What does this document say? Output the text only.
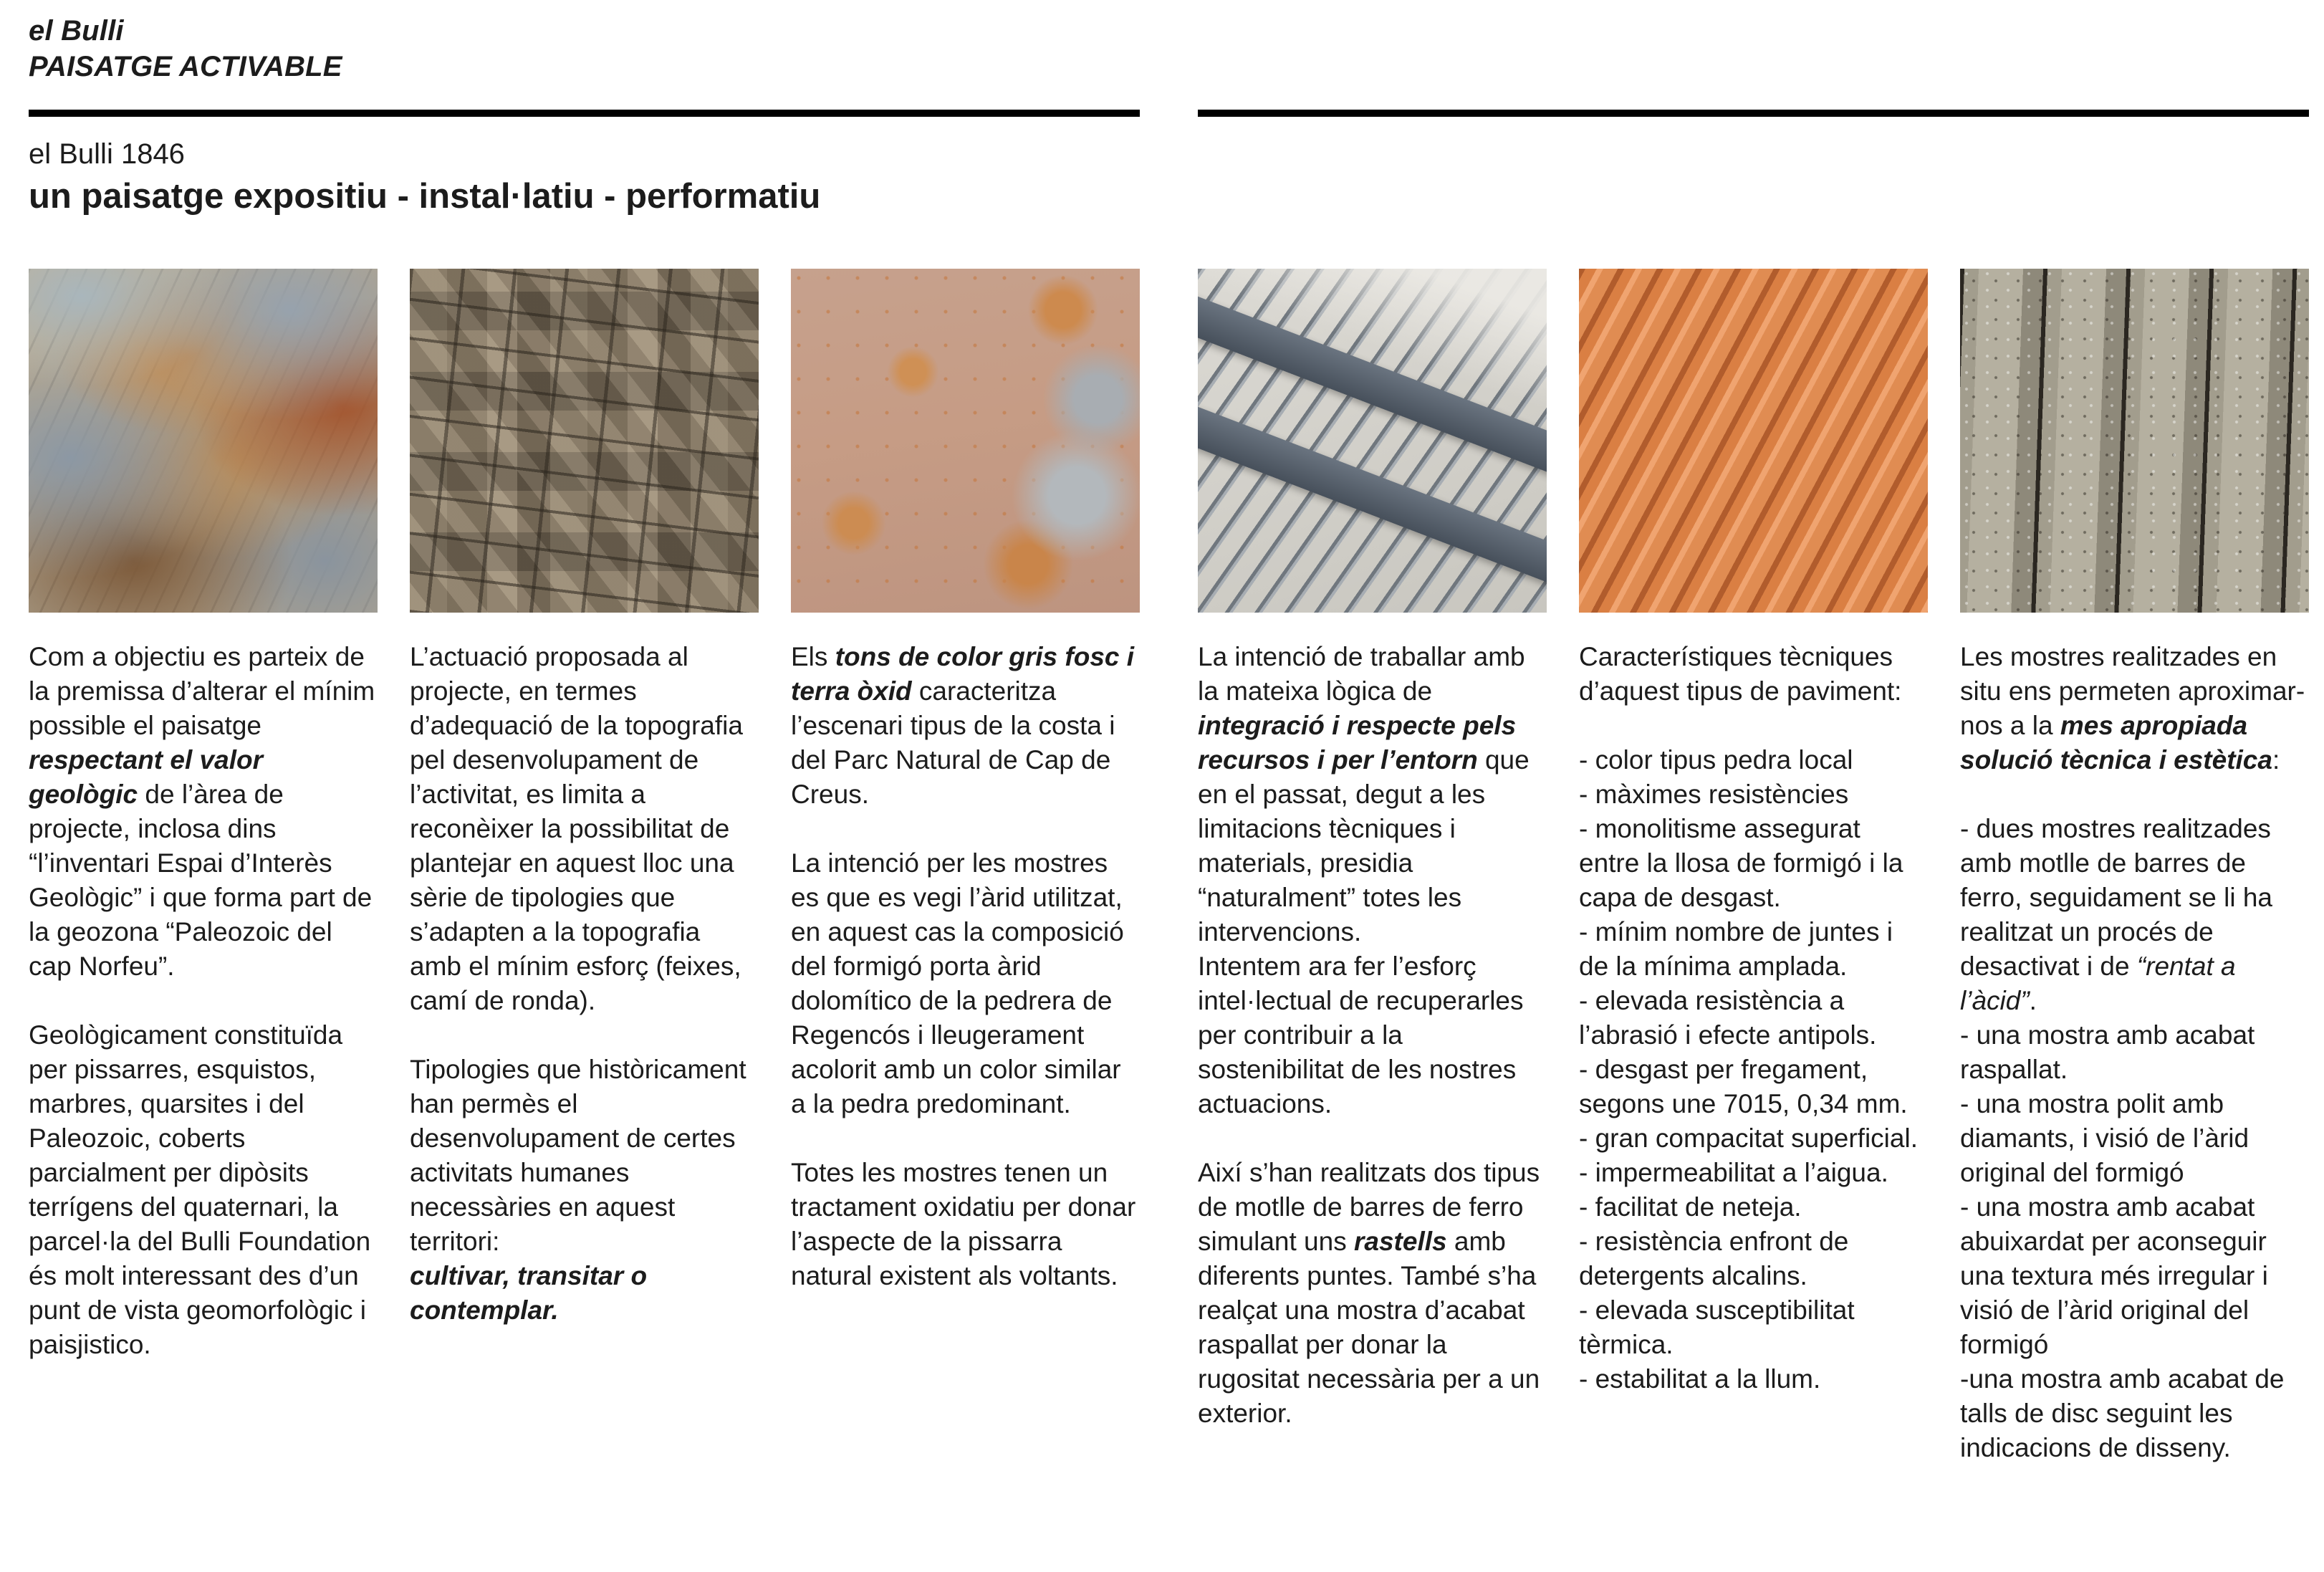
el Bulli
PAISATGE ACTIVABLE
el Bulli 1846
un paisatge expositiu - instal·latiu - performatiu

Com a objectiu es parteix de la premissa d’alterar el mínim possible el paisatge respectant el valor geològic de l’àrea de projecte, inclosa dins “l’inventari Espai d’Interès Geològic” i que forma part de la geozona “Paleozoic del cap Norfeu”.

Geològicament constituïda per pissarres, esquistos, marbres, quarsites i del Paleozoic, coberts parcialment per dipòsits terrígens del quaternari, la parcel·la del Bulli Foundation és molt interessant des d’un punt de vista geomorfològic i paisjistico.

L’actuació proposada al projecte, en termes d’adequació de la topografia pel desenvolupament de l’activitat, es limita a reconèixer la possibilitat de plantejar en aquest lloc una sèrie de tipologies que s’adapten a la topografia amb el mínim esforç (feixes, camí de ronda).

Tipologies que històricament han permès el desenvolupament de certes activitats humanes necessàries en aquest territori:
cultivar, transitar o contemplar.

Els tons de color gris fosc i terra òxid caracteritza l’escenari tipus de la costa i del Parc Natural de Cap de Creus.

La intenció per les mostres es que es vegi l’àrid utilitzat, en aquest cas la composició del formigó porta àrid dolomítico de la pedrera de Regencós i lleugerament acolorit amb un color similar a la pedra predominant.

Totes les mostres tenen un tractament oxidatiu per donar l’aspecte de la pissarra natural existent als voltants.

La intenció de traballar amb la mateixa lògica de integració i respecte pels recursos i per l’entorn que en el passat, degut a les limitacions tècniques i materials, presidia “naturalment” totes les intervencions.
Intentem ara fer l’esforç intel·lectual de recuperarles per contribuir a la sostenibilitat de les nostres actuacions.

Així s’han realitzats dos tipus de motlle de barres de ferro simulant uns rastells amb diferents puntes. També s’ha realçat una mostra d’acabat raspallat per donar la rugositat necessària per a un exterior.

Característiques tècniques d’aquest tipus de paviment:

- color tipus pedra local

- màximes resistències

- monolitisme assegurat entre la llosa de formigó i la capa de desgast.

- mínim nombre de juntes i de la mínima amplada.

- elevada resistència a l’abrasió i efecte antipols.

- desgast per fregament, segons une 7015, 0,34 mm.

- gran compacitat superficial.

- impermeabilitat a l’aigua.

- facilitat de neteja.

- resistència enfront de detergents alcalins.

- elevada susceptibilitat tèrmica.

- estabilitat a la llum.

Les mostres realitzades en situ ens permeten aproximar-nos a la mes apropiada solució tècnica i estètica:

- dues mostres realitzades amb motlle de barres de ferro, seguidament se li ha realitzat un procés de desactivat i de “rentat a l’àcid”.

- una mostra amb acabat raspallat.

- una mostra polit amb diamants, i visió de l’àrid original del formigó

- una mostra amb acabat abuixardat per aconseguir una textura més irregular i visió de l’àrid original del formigó

-una mostra amb acabat de talls de disc seguint les indicacions de disseny.
